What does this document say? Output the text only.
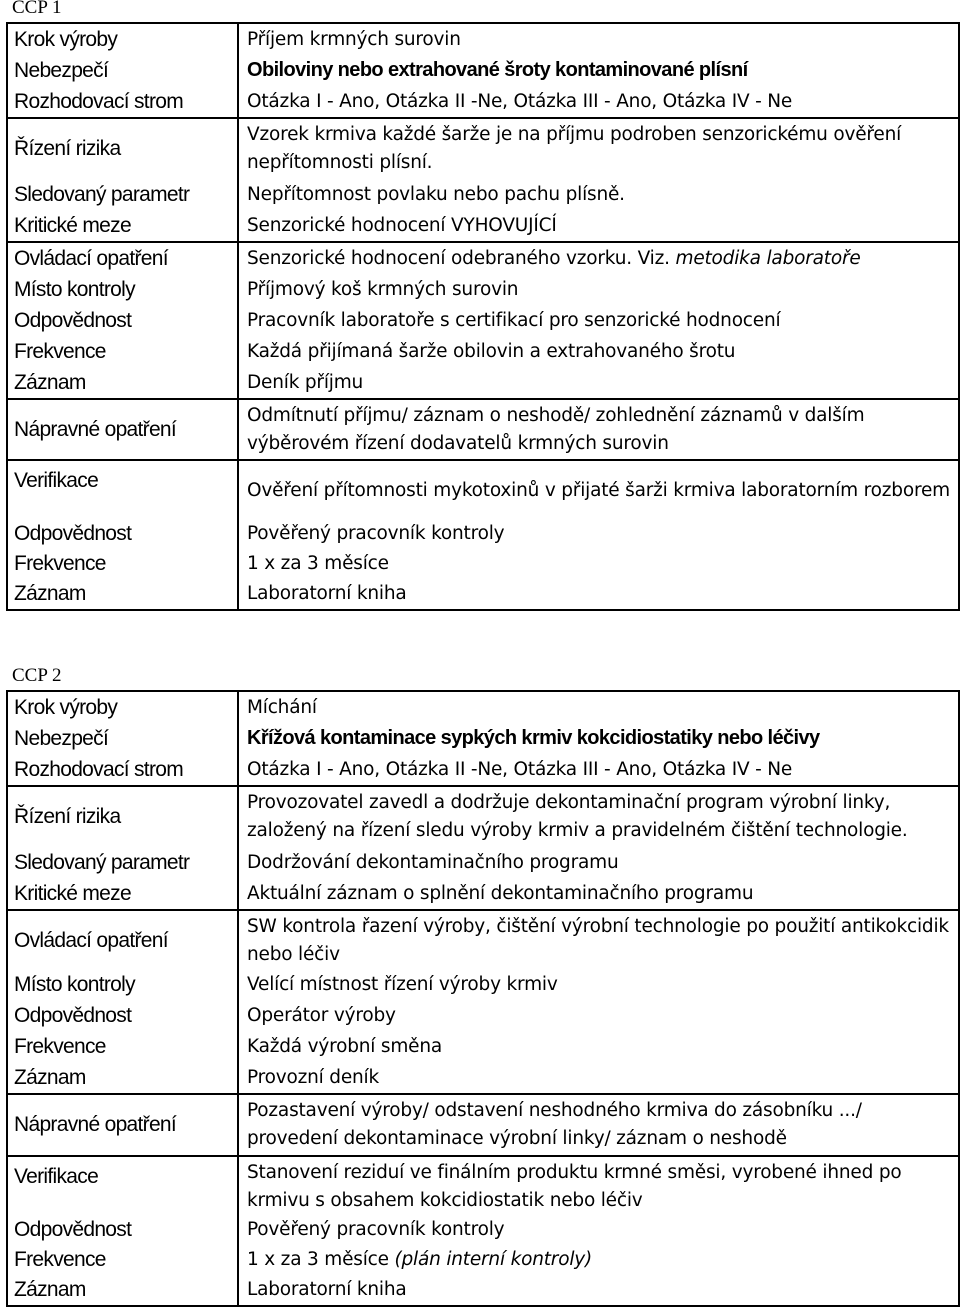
CCP 1
Krok výroby	Příjem krmných surovin
Nebezpečí	Obiloviny nebo extrahované šroty kontaminované plísní
Rozhodovací strom	Otázka I - Ano, Otázka II -Ne, Otázka III - Ano, Otázka IV - Ne
Řízení rizika	Vzorek krmiva každé šarže je na příjmu podroben senzorickému ověření nepřítomnosti plísní.
Sledovaný parametr	Nepřítomnost povlaku nebo pachu plísně.
Kritické meze	Senzorické hodnocení VYHOVUJÍCÍ
Ovládací opatření	Senzorické hodnocení odebraného vzorku. Viz. metodika laboratoře
Místo kontroly	Příjmový koš krmných surovin
Odpovědnost	Pracovník laboratoře s certifikací pro senzorické hodnocení
Frekvence	Každá přijímaná šarže obilovin a extrahovaného šrotu
Záznam	Deník příjmu
Nápravné opatření	Odmítnutí příjmu/ záznam o neshodě/ zohlednění záznamů v dalším výběrovém řízení dodavatelů krmných surovin
Verifikace	Ověření přítomnosti mykotoxinů v přijaté šarži krmiva laboratorním rozborem
Odpovědnost	Pověřený pracovník kontroly
Frekvence	1 x za 3 měsíce
Záznam	Laboratorní kniha
CCP 2
Krok výroby	Míchání
Nebezpečí	Křížová kontaminace sypkých krmiv kokcidiostatiky nebo léčivy
Rozhodovací strom	Otázka I - Ano, Otázka II -Ne, Otázka III - Ano, Otázka IV - Ne
Řízení rizika	Provozovatel zavedl a dodržuje dekontaminační program výrobní linky, založený na řízení sledu výroby krmiv a pravidelném čištění technologie.
Sledovaný parametr	Dodržování dekontaminačního programu
Kritické meze	Aktuální záznam o splnění dekontaminačního programu
Ovládací opatření	SW kontrola řazení výroby, čištění výrobní technologie po použití antikokcidik nebo léčiv
Místo kontroly	Velící místnost řízení výroby krmiv
Odpovědnost	Operátor výroby
Frekvence	Každá výrobní směna
Záznam	Provozní deník
Nápravné opatření	Pozastavení výroby/ odstavení neshodného krmiva do zásobníku .../ provedení dekontaminace výrobní linky/ záznam o neshodě
Verifikace	Stanovení reziduí ve finálním produktu krmné směsi, vyrobené ihned po krmivu s obsahem kokcidiostatik nebo léčiv
Odpovědnost	Pověřený pracovník kontroly
Frekvence	1 x za 3 měsíce (plán interní kontroly)
Záznam	Laboratorní kniha
